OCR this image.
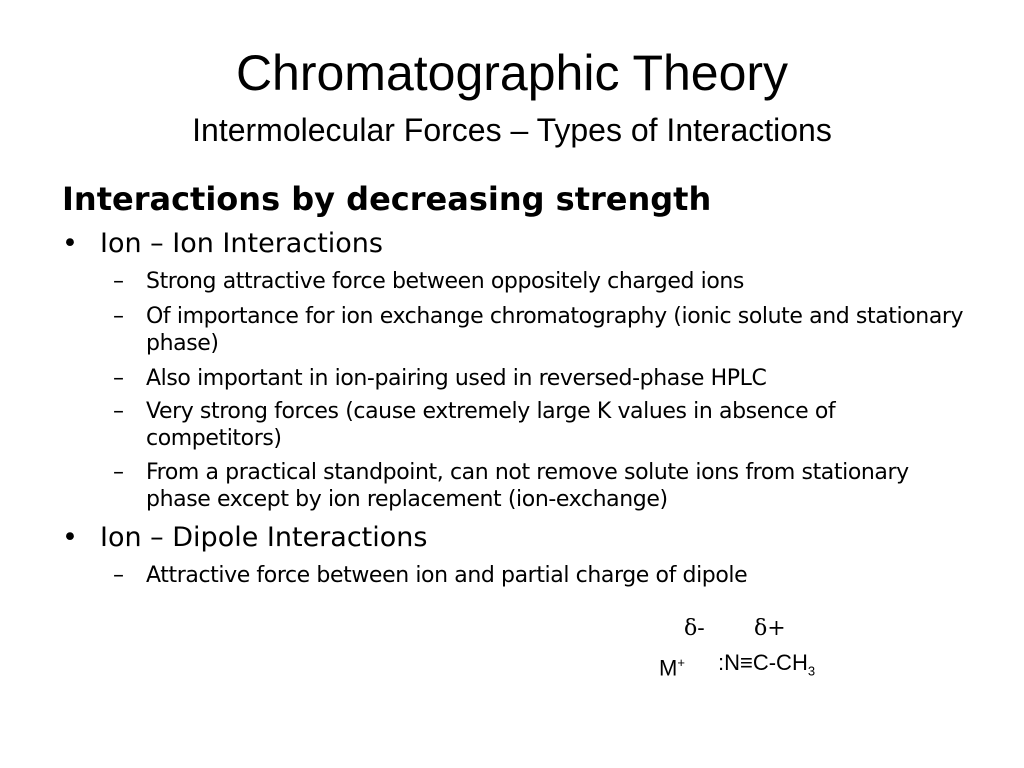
Chromatographic Theory
Intermolecular Forces – Types of Interactions
Interactions by decreasing strength
• Ion – Ion Interactions
– Strong attractive force between oppositely charged ions
– Of importance for ion exchange chromatography (ionic solute and stationary phase)
– Also important in ion-pairing used in reversed-phase HPLC
– Very strong forces (cause extremely large K values in absence of competitors)
– From a practical standpoint, can not remove solute ions from stationary phase except by ion replacement (ion-exchange)
• Ion – Dipole Interactions
– Attractive force between ion and partial charge of dipole
δ- δ+
M+ $:N\equiv C-CH_3$
